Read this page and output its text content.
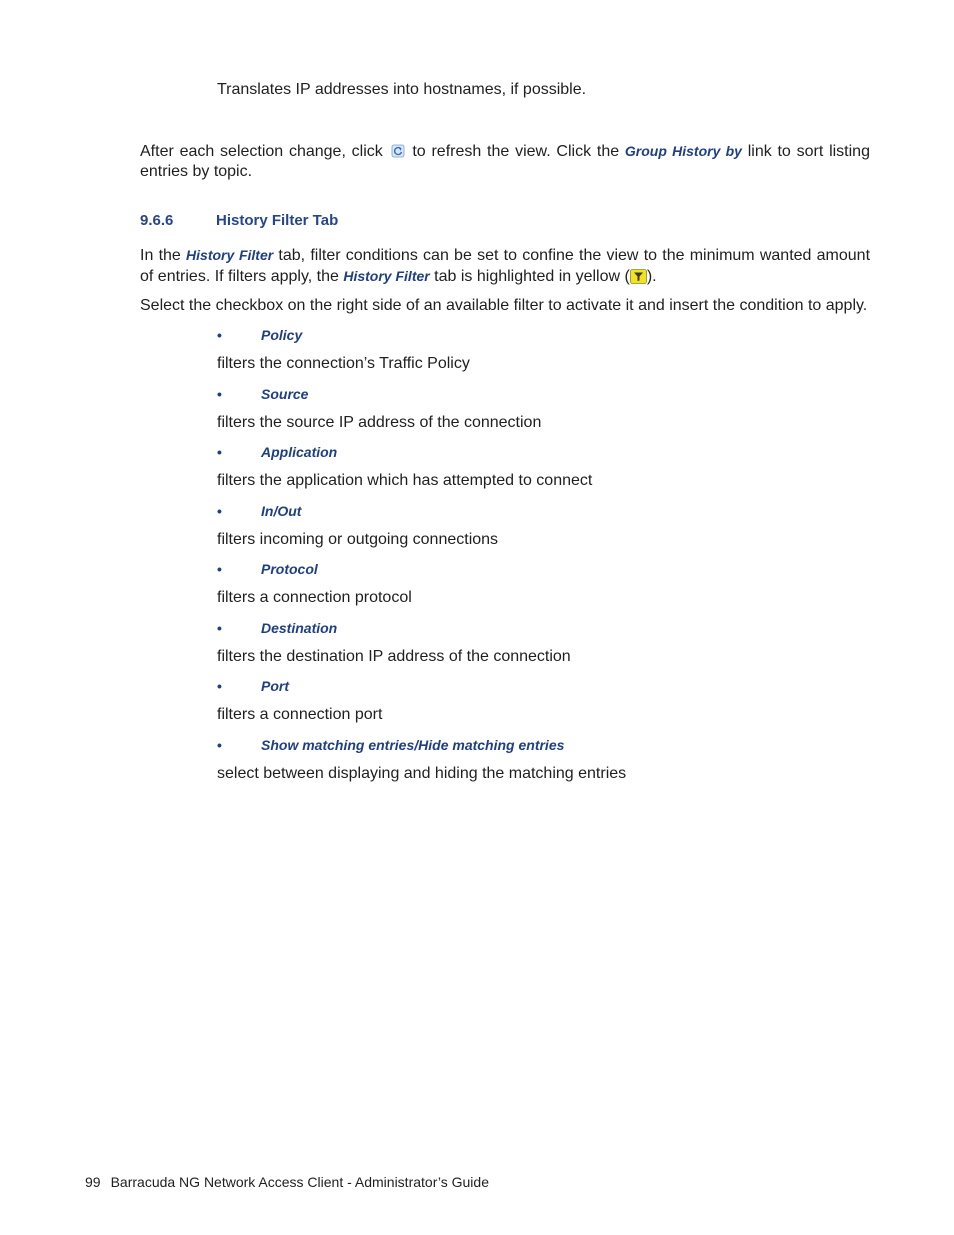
Translates IP addresses into hostnames, if possible.
After each selection change, click to refresh the view. Click the Group History by link to sort listing entries by topic.
9.6.6	History Filter Tab
In the History Filter tab, filter conditions can be set to confine the view to the minimum wanted amount of entries. If filters apply, the History Filter tab is highlighted in yellow ( ).
Select the checkbox on the right side of an available filter to activate it and insert the condition to apply.
•	Policy
filters the connection’s Traffic Policy
•	Source
filters the source IP address of the connection
•	Application
filters the application which has attempted to connect
•	In/Out
filters incoming or outgoing connections
•	Protocol
filters a connection protocol
•	Destination
filters the destination IP address of the connection
•	Port
filters a connection port
•	Show matching entries/Hide matching entries
select between displaying and hiding the matching entries
99 Barracuda NG Network Access Client - Administrator’s Guide
